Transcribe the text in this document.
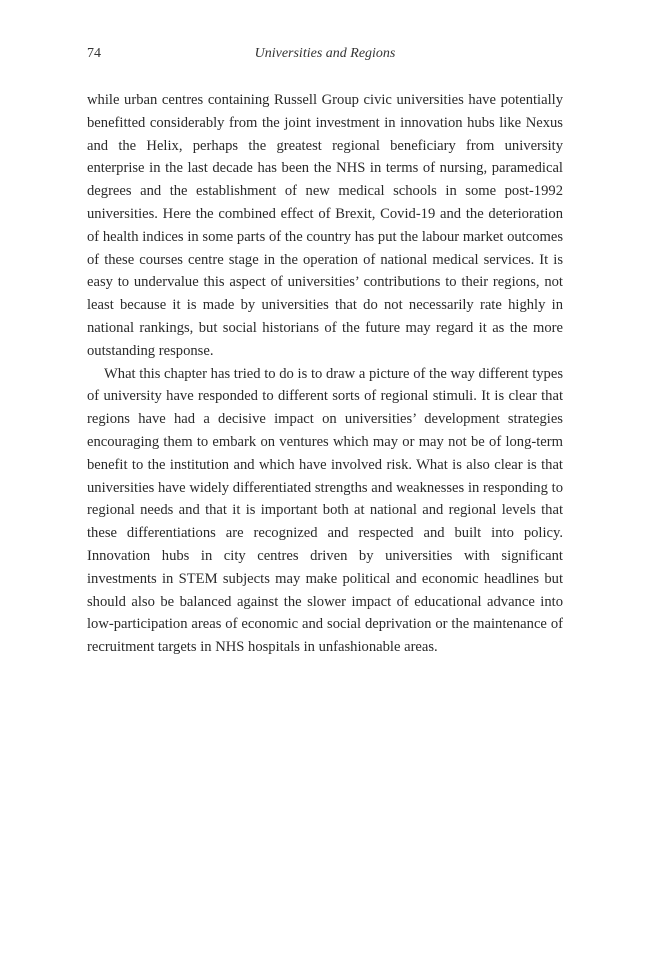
74	Universities and Regions

while urban centres containing Russell Group civic universities have potentially benefitted considerably from the joint investment in innovation hubs like Nexus and the Helix, perhaps the greatest regional beneficiary from university enterprise in the last decade has been the NHS in terms of nursing, paramedical degrees and the establishment of new medical schools in some post-1992 universities. Here the combined effect of Brexit, Covid-19 and the deterioration of health indices in some parts of the country has put the labour market outcomes of these courses centre stage in the operation of national medical services. It is easy to undervalue this aspect of universities’ contributions to their regions, not least because it is made by universities that do not necessarily rate highly in national rankings, but social historians of the future may regard it as the more outstanding response.

What this chapter has tried to do is to draw a picture of the way different types of university have responded to different sorts of regional stimuli. It is clear that regions have had a decisive impact on universities’ development strategies encouraging them to embark on ventures which may or may not be of long-term benefit to the institution and which have involved risk. What is also clear is that universities have widely differentiated strengths and weaknesses in responding to regional needs and that it is important both at national and regional levels that these differentiations are recognized and respected and built into policy. Innovation hubs in city centres driven by universities with significant investments in STEM subjects may make political and economic headlines but should also be balanced against the slower impact of educational advance into low-participation areas of economic and social deprivation or the maintenance of recruitment targets in NHS hospitals in unfashionable areas.
